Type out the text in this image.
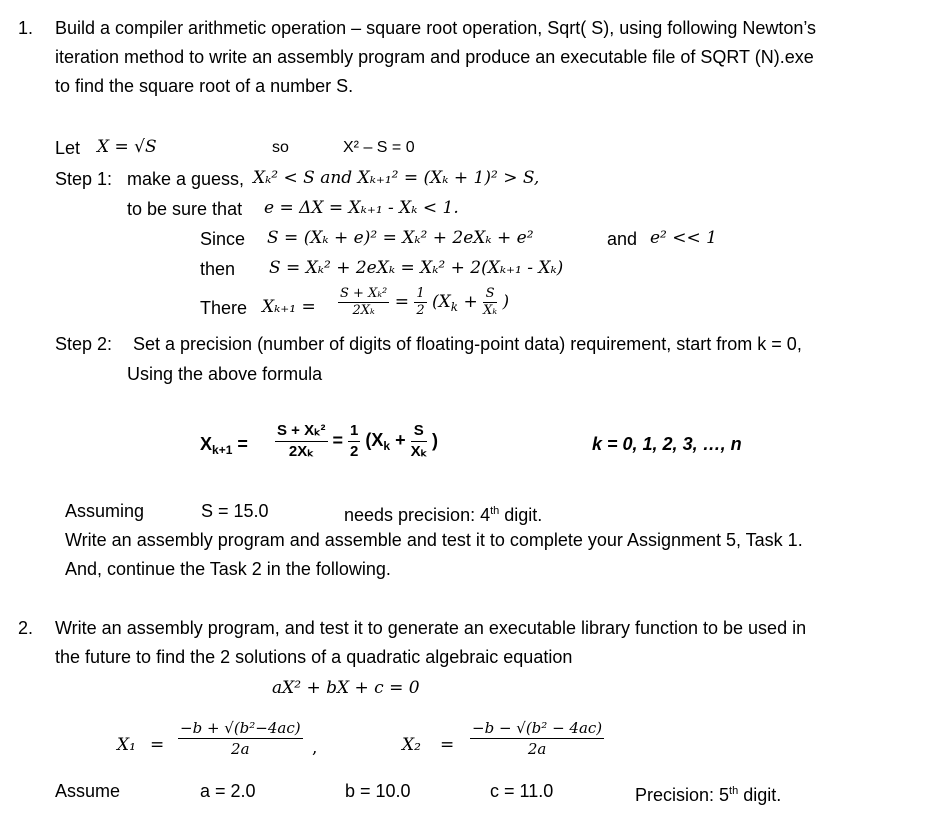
1. Build a compiler arithmetic operation – square root operation, Sqrt( S), using following Newton’s
iteration method to write an assembly program and produce an executable file of SQRT (N).exe
to find the square root of a number S.
Let X = √S	so	X² – S = 0
Step 1: make a guess, Xₖ² < S and Xₖ₊₁² = (Xₖ + 1)² > S,
to be sure that e = ΔX = Xₖ₊₁ - Xₖ < 1.
Since S = (Xₖ + e)² = Xₖ² + 2eXₖ + e²	and e² << 1
then S = Xₖ² + 2eXₖ = Xₖ² + 2(Xₖ₊₁ - Xₖ)
There $X_{k+1} = \frac{\text{S + Xₖ²}}{\text{2Xₖ}} = \frac{1}{2} (X_k + \frac{S}{\text{Xₖ}}$ )
Step 2: Set a precision (number of digits of floating-point data) requirement, start from k = 0,
Using the above formula
$X_{k+1} = \frac{\text{S + Xₖ²}}{\text{2Xₖ}} = \frac{1}{2} (X_k + \frac{S}{\text{Xₖ}}$ )	k = 0, 1, 2, 3, …, n
Assuming	S = 15.0	needs precision: 4th digit.
Write an assembly program and assemble and test it to complete your Assignment 5, Task 1.
And, continue the Task 2 in the following.
2. Write an assembly program, and test it to generate an executable library function to be used in
the future to find the 2 solutions of a quadratic algebraic equation
aX² + bX + c = 0
$X_1 = \frac{\text{−b + √(b²−4ac)}}{2a}$ ,	$X_2 = \frac{\text{−b − √(b² − 4ac)}}{2a}$
Assume	a = 2.0	b = 10.0	c = 11.0	Precision: 5th digit.
